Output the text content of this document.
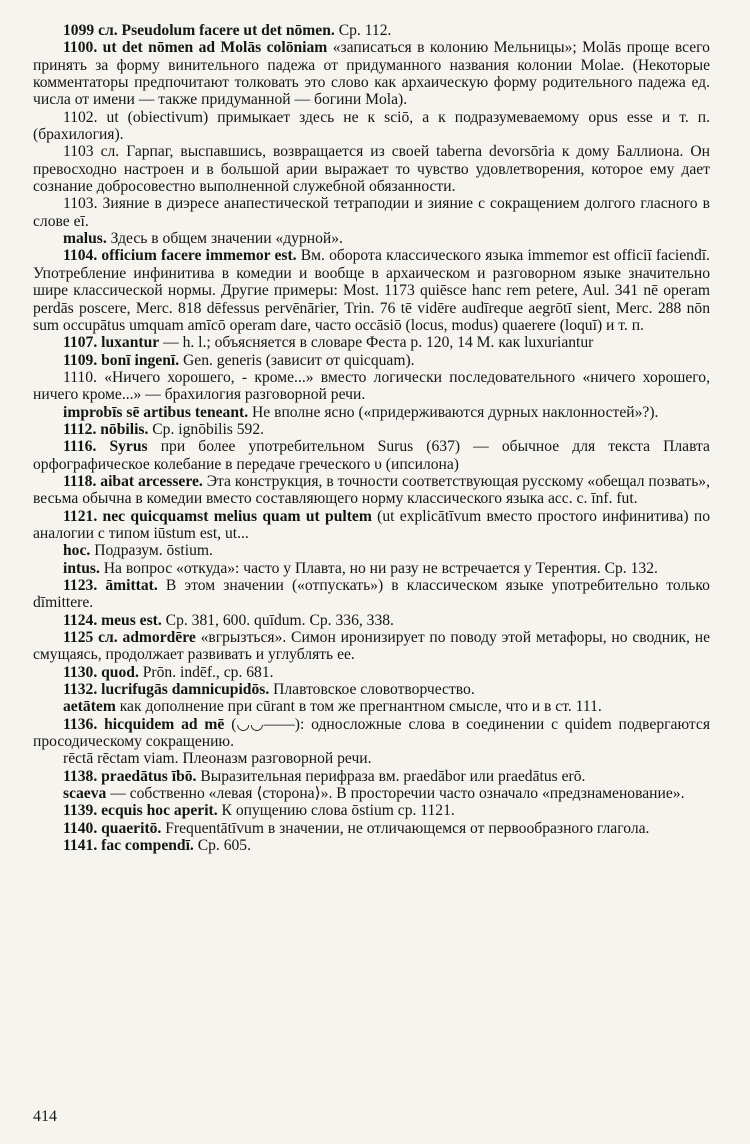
1099 сл. Pseudolum facere ut det nōmen. Ср. 112.

1100. ut det nōmen ad Molās colōniam «записаться в колонию Мельницы»; Molās проще всего принять за форму винительного падежа от придуманного названия колонии Molae. (Некоторые комментаторы предпочитают толковать это слово как архаическую форму родительного падежа ед. числа от имени — также придуманной — богини Mola).

1102. ut (obiectivum) примыкает здесь не к sciō, а к подразумеваемому opus esse и т. п. (брахилогия).

1103 сл. Гарпаг, выспавшись, возвращается из своей taberna devorsōria к дому Баллиона. Он превосходно настроен и в большой арии выражает то чувство удовлетворения, которое ему дает сознание добросовестно выполненной служебной обязанности.

1103. Зияние в диэресе анапестической тетраподии и зияние с сокращением долгого гласного в слове eī.

malus. Здесь в общем значении «дурной».

1104. officium facere immemor est. Вм. оборота классического языка immemor est officiī faciendī. Употребление инфинитива в комедии и вообще в архаическом и разговорном языке значительно шире классической нормы. Другие примеры: Most. 1173 quiēsce hanc rem petere, Aul. 341 nē operam perdās poscere, Merc. 818 dēfessus pervēnārier, Trin. 76 tē vidēre audīreque aegrōtī sient, Merc. 288 nōn sum occupātus umquam amīcō operam dare, часто occāsiō (locus, modus) quaerere (loquī) и т. п.

1107. luxantur — h. l.; объясняется в словаре Феста р. 120, 14 М. как luxuriantur

1109. bonī ingenī. Gen. generis (зависит от quicquam).

1110. «Ничего хорошего, - кроме...» вместо логически последовательного «ничего хорошего, ничего кроме...» — брахилогия разговорной речи.

improbīs sē artibus teneant. Не вполне ясно («придерживаются дурных наклонностей»?).

1112. nōbilis. Ср. ignōbilis 592.

1116. Syrus при более употребительном Surus (637) — обычное для текста Плавта орфографическое колебание в передаче греческого υ (ипсилона)

1118. aibat arcessere. Эта конструкция, в точности соответствующая русскому «обещал позвать», весьма обычна в комедии вместо составляющего норму классического языка acc. с. īnf. fut.

1121. nec quicquamst melius quam ut pultem (ut explicātīvum вместо простого инфинитива) по аналогии с типом iūstum est, ut...

hoc. Подразум. ōstium.

intus. На вопрос «откуда»: часто у Плавта, но ни разу не встречается у Терентия. Ср. 132.

1123. āmittat. В этом значении («отпускать») в классическом языке употребительно только dīmittere.

1124. meus est. Ср. 381, 600. quīdum. Ср. 336, 338.

1125 сл. admordēre «вгрызться». Симон иронизирует по поводу этой метафоры, но сводник, не смущаясь, продолжает развивать и углублять ее.

1130. quod. Prōn. indēf., ср. 681.

1132. lucrifugās damnicupidōs. Плавтовское словотворчество.

aetātem как дополнение при cūrant в том же прегнантном смысле, что и в ст. 111.

1136. hicquidem ad mē (◡◡——): односложные слова в соединении с quidem подвергаются просодическому сокращению.

rēctā rēctam viam. Плеоназм разговорной речи.

1138. praedātus ībō. Выразительная перифраза вм. praedābor или praedātus erō.

scaeva — собственно «левая ⟨сторона⟩». В просторечии часто означало «предзнаменование».

1139. ecquis hoc aperit. К опущению слова ōstium ср. 1121.

1140. quaeritō. Frequentātīvum в значении, не отличающемся от первообразного глагола.

1141. fac compendī. Ср. 605.

414
